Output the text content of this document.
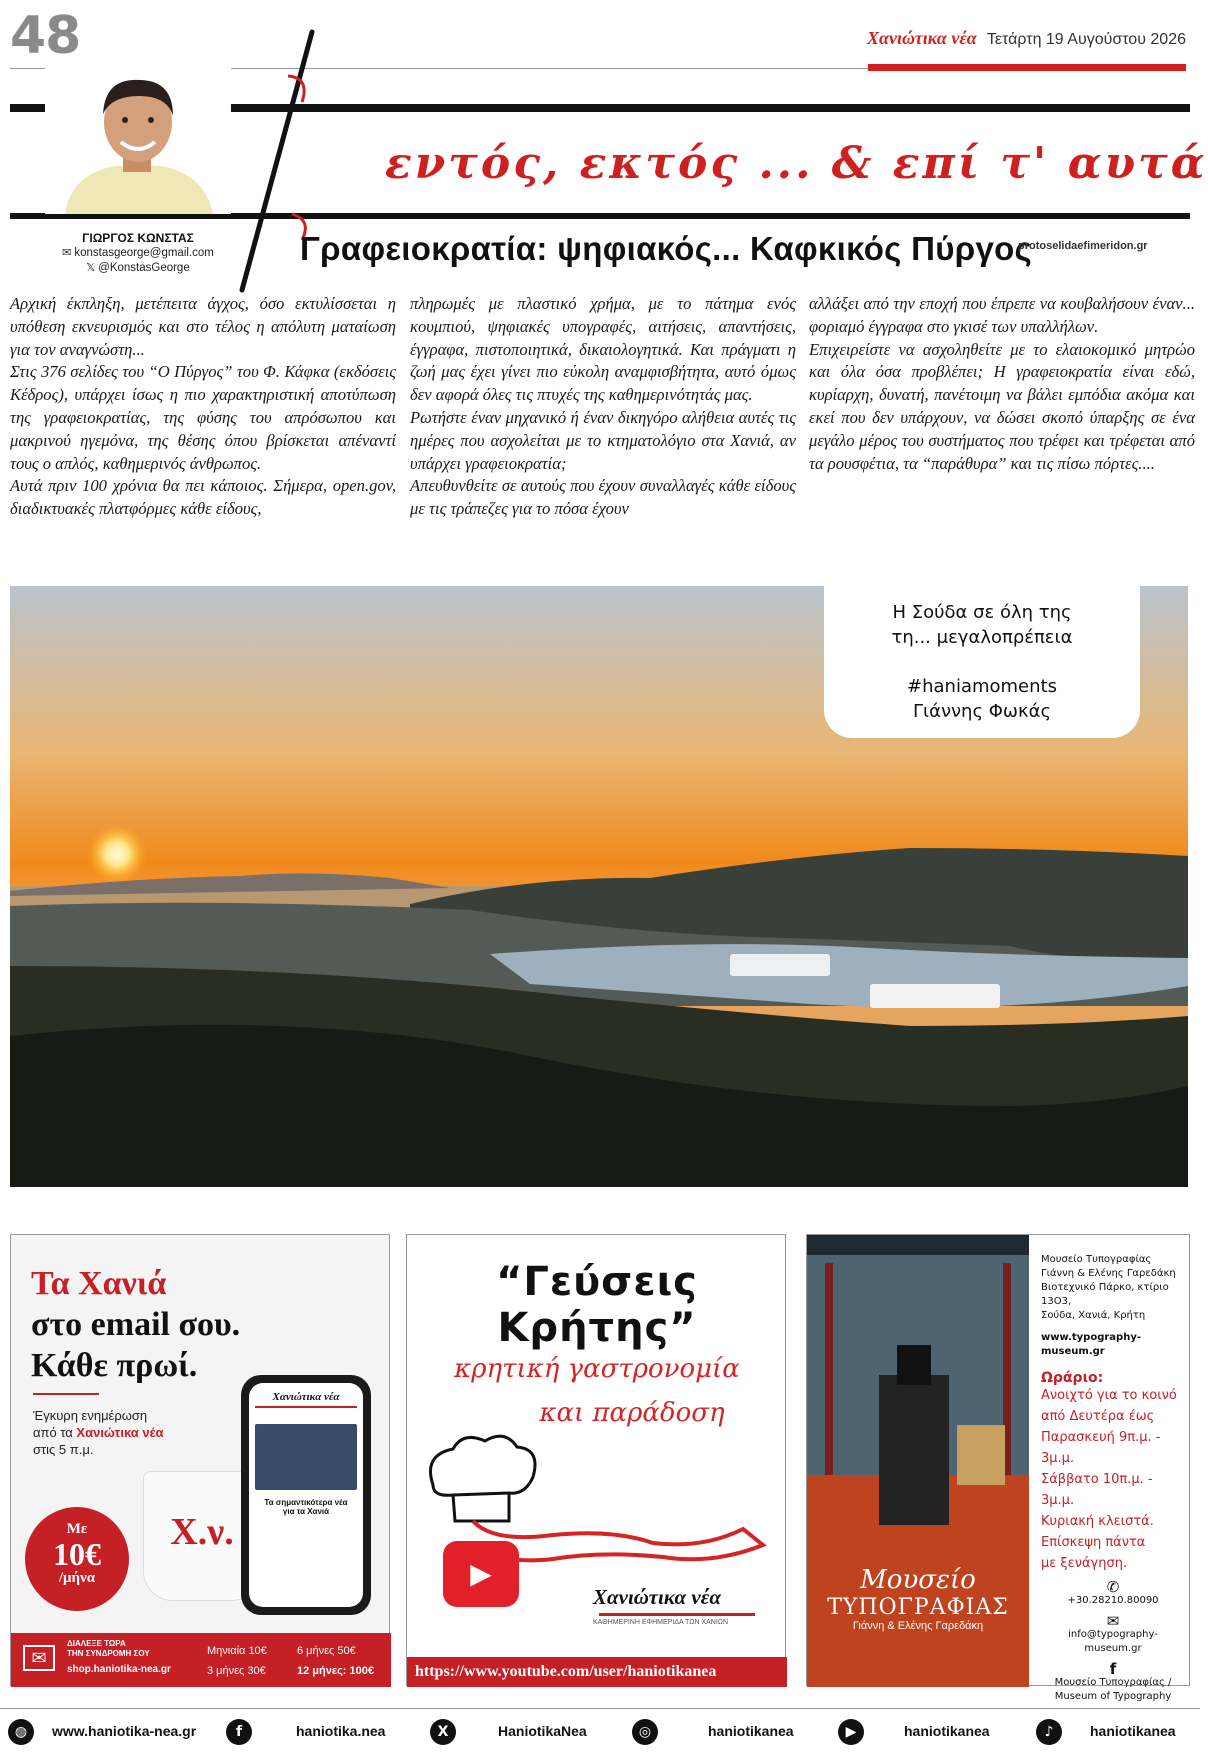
48	Χανιώτικα νέα Τετάρτη 19 Αυγούστου 2026
εντός, εκτός ... & επί τ' αυτά
ΓΙΩΡΓΟΣ ΚΩΝΣΤΑΣ
✉ konstasgeorge@gmail.com
𝕏 @KonstasGeorge
Γραφειοκρατία: ψηφιακός... Καφκικός Πύργος
protoselidaefimeridon.gr

Αρχική έκπληξη, μετέπειτα άγχος, όσο εκτυλίσσεται η υπόθεση εκνευρισμός και στο τέλος η απόλυτη ματαίωση για τον αναγνώστη...

Στις 376 σελίδες του “Ο Πύργος” του Φ. Κάφκα (εκδόσεις Κέδρος), υπάρχει ίσως η πιο χαρακτηριστική αποτύπωση της γραφειοκρατίας, της φύσης του απρόσωπου και μακρινού ηγεμόνα, της θέσης όπου βρίσκεται απέναντί τους ο απλός, καθημερινός άνθρωπος.

Αυτά πριν 100 χρόνια θα πει κάποιος. Σήμερα, open.gov, διαδικτυακές πλατφόρμες κάθε είδους,

πληρωμές με πλαστικό χρήμα, με το πάτημα ενός κουμπιού, ψηφιακές υπογραφές, αιτήσεις, απαντήσεις, έγγραφα, πιστοποιητικά, δικαιολογητικά. Και πράγματι η ζωή μας έχει γίνει πιο εύκολη αναμφισβήτητα, αυτό όμως δεν αφορά όλες τις πτυχές της καθημερινότητάς μας.

Ρωτήστε έναν μηχανικό ή έναν δικηγόρο αλήθεια αυτές τις ημέρες που ασχολείται με το κτηματολόγιο στα Χανιά, αν υπάρχει γραφειοκρατία;

Απευθυνθείτε σε αυτούς που έχουν συναλλαγές κάθε είδους με τις τράπεζες για το πόσα έχουν

αλλάξει από την εποχή που έπρεπε να κουβαλήσουν έναν... φοριαμό έγγραφα στο γκισέ των υπαλλήλων.

Επιχειρείστε να ασχοληθείτε με το ελαιοκομικό μητρώο και όλα όσα προβλέπει; Η γραφειοκρατία είναι εδώ, κυρίαρχη, δυνατή, πανέτοιμη να βάλει εμπόδια ακόμα και εκεί που δεν υπάρχουν, να δώσει σκοπό ύπαρξης σε ένα μεγάλο μέρος του συστήματος που τρέφει και τρέφεται από τα ρουσφέτια, τα “παράθυρα” και τις πίσω πόρτες....

Η Σούδα σε όλη της
τη... μεγαλοπρέπεια
#haniamoments
Γιάννης Φωκάς
Τα Χανιά
στο email σου.
Κάθε πρωί.
Έγκυρη ενημέρωση
από τα Χανιώτικα νέα
στις 5 π.μ.
Χ.ν.
Χανιώτικα νέα
Τα σημαντικότερα νέα
για τα Χανιά
Με
10€
/μήνα
✉
ΔΙΑΛΕΞΕ ΤΩΡΑ
ΤΗΝ ΣΥΝΔΡΟΜΗ ΣΟΥ
shop.haniotika-nea.gr
Μηνιαία 10€
3 μήνες 30€
6 μήνες 50€
12 μήνες: 100€
“Γεύσεις Κρήτης”
κρητική γαστρονομία
και παράδοση
▶
Χανιώτικα νέα
ΚΑΘΗΜΕΡΙΝΗ ΕΦΗΜΕΡΙΔΑ ΤΩΝ ΧΑΝΙΩΝ
https://www.youtube.com/user/haniotikanea
Μουσείο
ΤΥΠΟΓΡΑΦΙΑΣ
Γιάννη & Ελένης Γαρεδάκη
Μουσείο Τυπογραφίας
Γιάννη & Ελένης Γαρεδάκη
Βιοτεχνικό Πάρκο, κτίριο 13Ο3,
Σούδα, Χανιά, Κρήτη
www.typography-museum.gr
Ωράριο:
Ανοιχτό για το κοινό
από Δευτέρα έως
Παρασκευή 9π.μ. - 3μ.μ.
Σάββατο 10π.μ. - 3μ.μ.
Κυριακή κλειστά.
Επίσκεψη πάντα
με ξενάγηση.
✆
+30.28210.80090
✉
info@typography-museum.gr
f
Μουσείο Τυπογραφίας /
Museum of Typography
◍	www.haniotika-nea.gr	f	haniotika.nea	X	HaniotikaNea	◎	haniotikanea	▶	haniotikanea	♪	haniotikanea
